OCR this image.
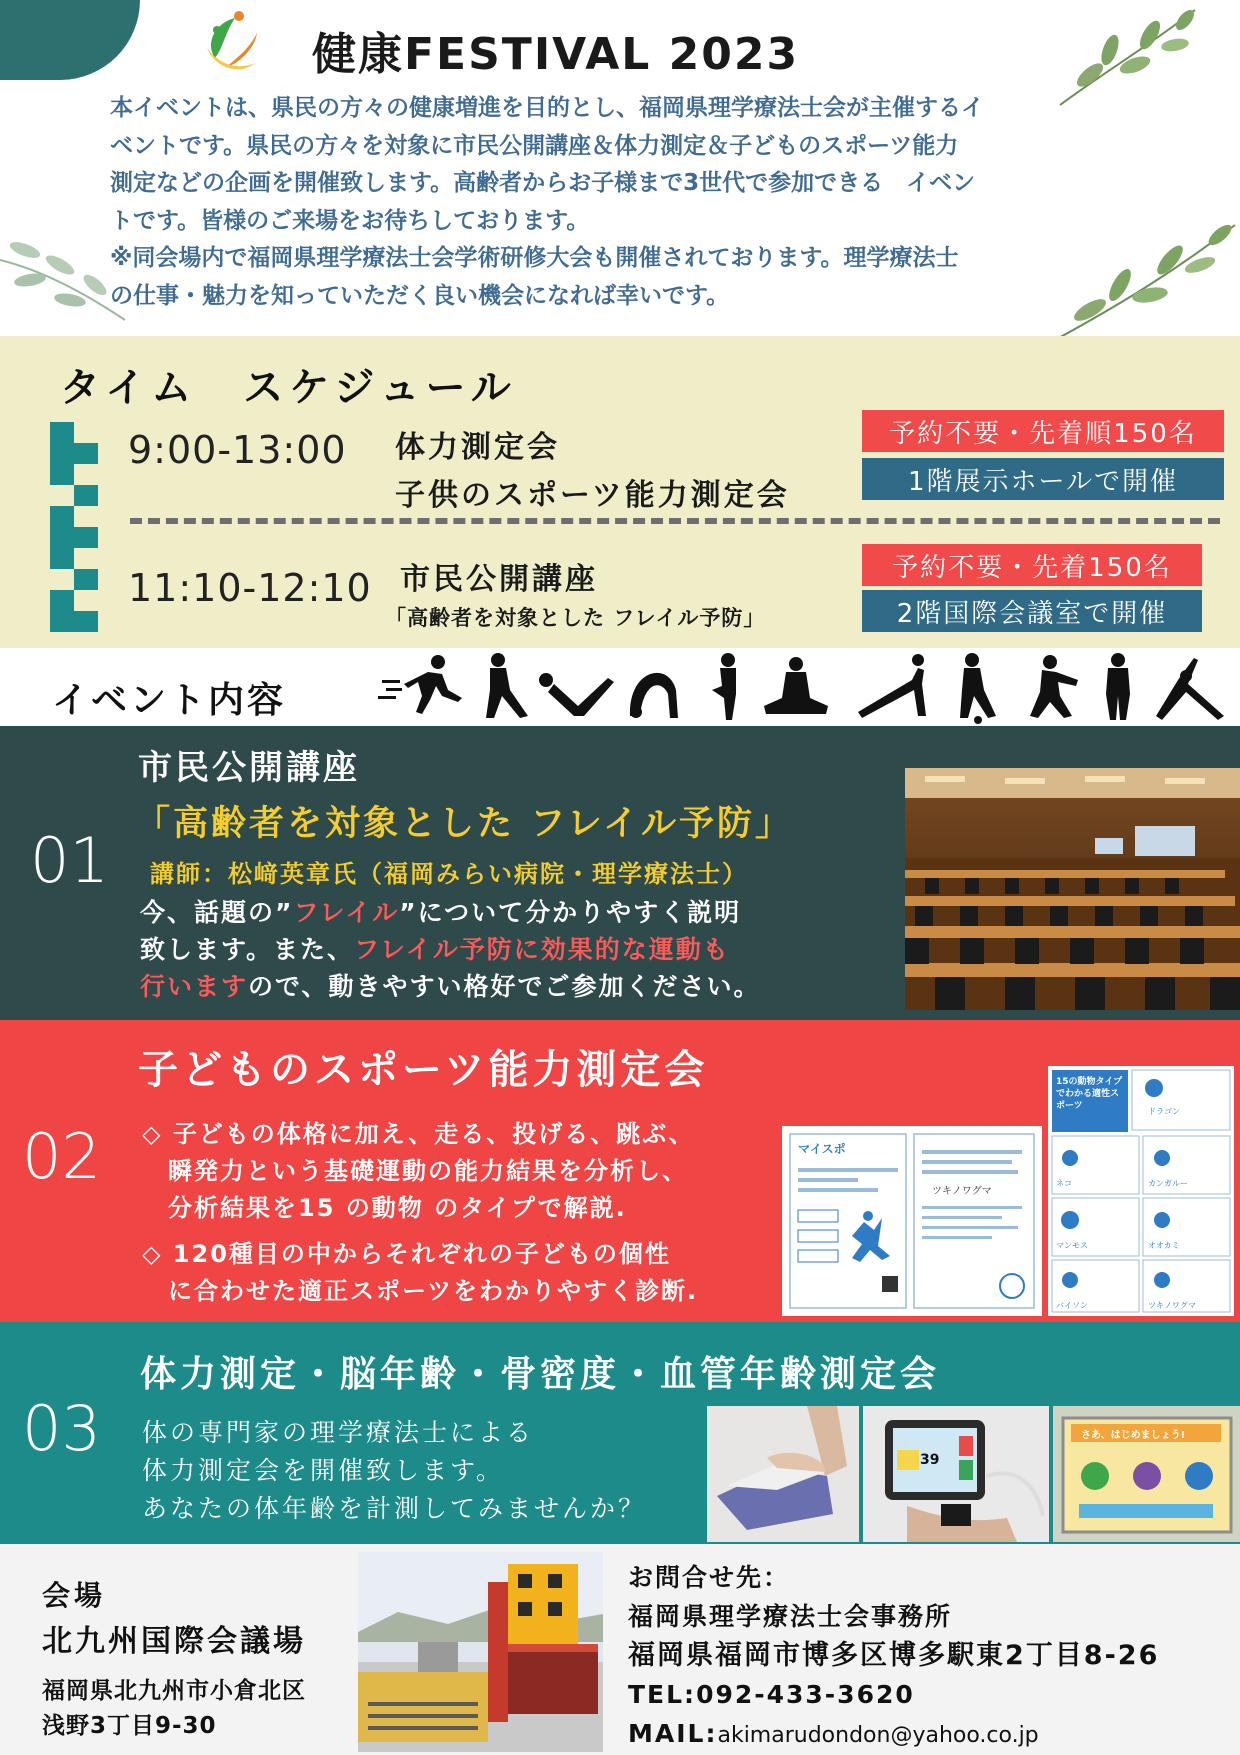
健康FESTIVAL 2023
本イベントは、県民の方々の健康増進を目的とし、福岡県理学療法士会が主催するイ
ベントです。県民の方々を対象に市民公開講座＆体力測定＆子どものスポーツ能力
測定などの企画を開催致します。高齢者からお子様まで3世代で参加できる　イベン
トです。皆様のご来場をお待ちしております。
※同会場内で福岡県理学療法士会学術研修大会も開催されております。理学療法士
の仕事・魅力を知っていただく良い機会になれば幸いです。
タイム　スケジュール
9:00-13:00 体力測定会
子供のスポーツ能力測定会
予約不要・先着順150名
1階展示ホールで開催
11:10-12:10 市民公開講座
「高齢者を対象とした フレイル予防」
予約不要・先着150名
2階国際会議室で開催
イベント内容
01
市民公開講座
「高齢者を対象とした フレイル予防」
講師：松﨑英章氏（福岡みらい病院・理学療法士）
今、話題の”フレイル”について分かりやすく説明
致します。また、フレイル予防に効果的な運動も
行いますので、動きやすい格好でご参加ください。
02
子どものスポーツ能力測定会
◇ 子どもの体格に加え、走る、投げる、跳ぶ、
　瞬発力という基礎運動の能力結果を分析し、
　分析結果を15 の動物 のタイプで解説.
◇ 120種目の中からそれぞれの子どもの個性
　に合わせた適正スポーツをわかりやすく診断.
マイスポ
ツキノワグマ
15の動物タイプでわかる適性スポーツ
ドラゴン
ネコ	カンガルー
マンモス	オオカミ
バイソン	ツキノワグマ
03
体力測定・脳年齢・骨密度・血管年齢測定会
体の専門家の理学療法士による
体力測定会を開催致します。
あなたの体年齢を計測してみませんか？
39
さあ、はじめましょう!
会場
北九州国際会議場
福岡県北九州市小倉北区
浅野3丁目9-30
お問合せ先：
福岡県理学療法士会事務所
福岡県福岡市博多区博多駅東2丁目8-26
TEL:092-433-3620
MAIL:akimarudondon@yahoo.co.jp
